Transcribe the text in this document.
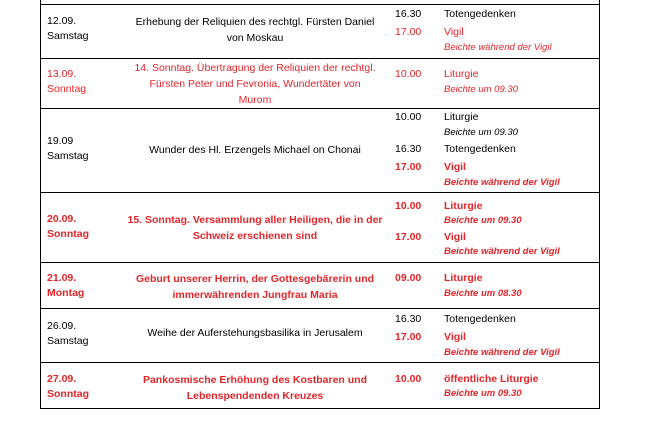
12.09.
Samstag
Erhebung der Reliquien des rechtgl. Fürsten Daniel
von Moskau
16.30 Totengedenken
17.00 Vigil
Beichte während der Vigil
13.09.
Sonntag
14. Sonntag. Übertragung der Reliquien der rechtgl.
Fürsten Peter und Fevronia, Wundertäter von
Murom
10.00 Liturgie
Beichte um 09.30
19.09
Samstag	Wunder des Hl. Erzengels Michael on Chonai
10.00 Liturgie
Beichte um 09.30
16.30 Totengedenken
17.00 Vigil
Beichte während der Vigil
20.09.
Sonntag
15. Sonntag. Versammlung aller Heiligen, die in der
Schweiz erschienen sind
10.00 Liturgie
Beichte um 09.30
17.00 Vigil
Beichte während der Vigil
21.09.
Montag
Geburt unserer Herrin, der Gottesgebärerin und
immerwährenden Jungfrau Maria
09.00 Liturgie
Beichte um 08.30
26.09.
Samstag
Weihe der Auferstehungsbasilika in Jerusalem
16.30 Totengedenken
17.00 Vigil
Beichte während der Vigil
27.09.
Sonntag
Pankosmische Erhöhung des Kostbaren und
Lebenspendenden Kreuzes
10.00 öffentliche Liturgie
Beichte um 09.30
